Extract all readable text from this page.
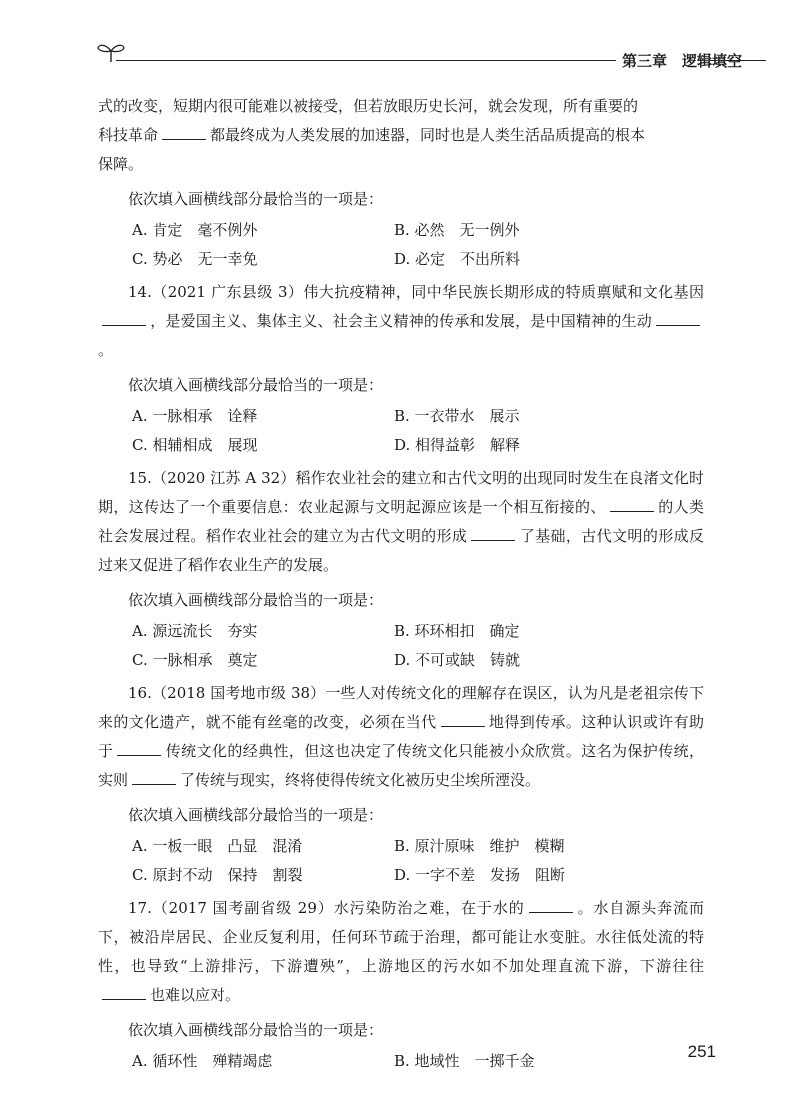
第三章　逻辑填空

式的改变，短期内很可能难以被接受，但若放眼历史长河，就会发现，所有重要的

科技革命	都最终成为人类发展的加速器，同时也是人类生活品质提高的根本

保障。

依次填入画横线部分最恰当的一项是：

A. 肯定　毫不例外	B. 必然　无一例外
C. 势必　无一幸免	D. 必定　不出所料

14.（2021 广东县级 3）伟大抗疫精神，同中华民族长期形成的特质禀赋和文化基因，是爱国主义、集体主义、社会主义精神的传承和发展，是中国精神的生动。

依次填入画横线部分最恰当的一项是：

A. 一脉相承　诠释	B. 一衣带水　展示
C. 相辅相成　展现	D. 相得益彰　解释

15.（2020 江苏 A 32）稻作农业社会的建立和古代文明的出现同时发生在良渚文化时期，这传达了一个重要信息：农业起源与文明起源应该是一个相互衔接的、	的人类社会发展过程。稻作农业社会的建立为古代文明的形成	了基础，古代文明的形成反过来又促进了稻作农业生产的发展。

依次填入画横线部分最恰当的一项是：

A. 源远流长　夯实	B. 环环相扣　确定
C. 一脉相承　奠定	D. 不可或缺　铸就

16.（2018 国考地市级 38）一些人对传统文化的理解存在误区，认为凡是老祖宗传下来的文化遗产，就不能有丝毫的改变，必须在当代	地得到传承。这种认识或许有助于	传统文化的经典性，但这也决定了传统文化只能被小众欣赏。这名为保护传统，实则	了传统与现实，终将使得传统文化被历史尘埃所湮没。

依次填入画横线部分最恰当的一项是：

A. 一板一眼　凸显　混淆	B. 原汁原味　维护　模糊
C. 原封不动　保持　割裂	D. 一字不差　发扬　阻断

17.（2017 国考副省级 29）水污染防治之难，在于水的	。水自源头奔流而下，被沿岸居民、企业反复利用，任何环节疏于治理，都可能让水变脏。水往低处流的特性，也导致“上游排污，下游遭殃”，上游地区的污水如不加处理直流下游，下游往往也难以应对。

依次填入画横线部分最恰当的一项是：

A. 循环性　殚精竭虑	B. 地域性　一掷千金	251
